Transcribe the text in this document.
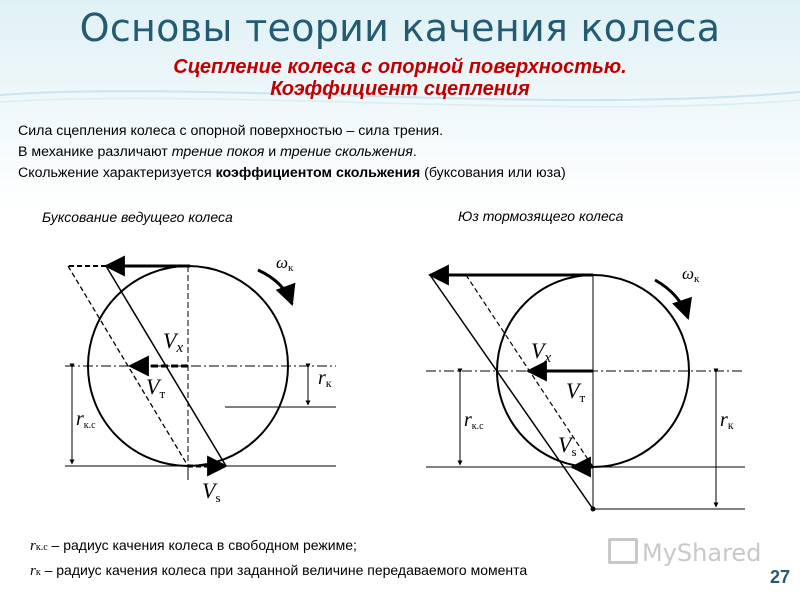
Основы теории качения колеса
Сцепление колеса с опорной поверхностью.
Коэффициент сцепления

Сила сцепления колеса с опорной поверхностью – сила трения.

В механике различают трение покоя и трение скольжения.

Скольжение характеризуется коэффициентом скольжения (буксования или юза)

Буксование ведущего колеса	Юз тормозящего колеса
Vx
Vт
Vs
rк.с
rк
ωк
Vx
Vт
Vs
rк.с	rк
ωк

rк.с – радиус качения колеса в свободном режиме;

rк – радиус качения колеса при заданной величине передаваемого момента

MyShared
27
